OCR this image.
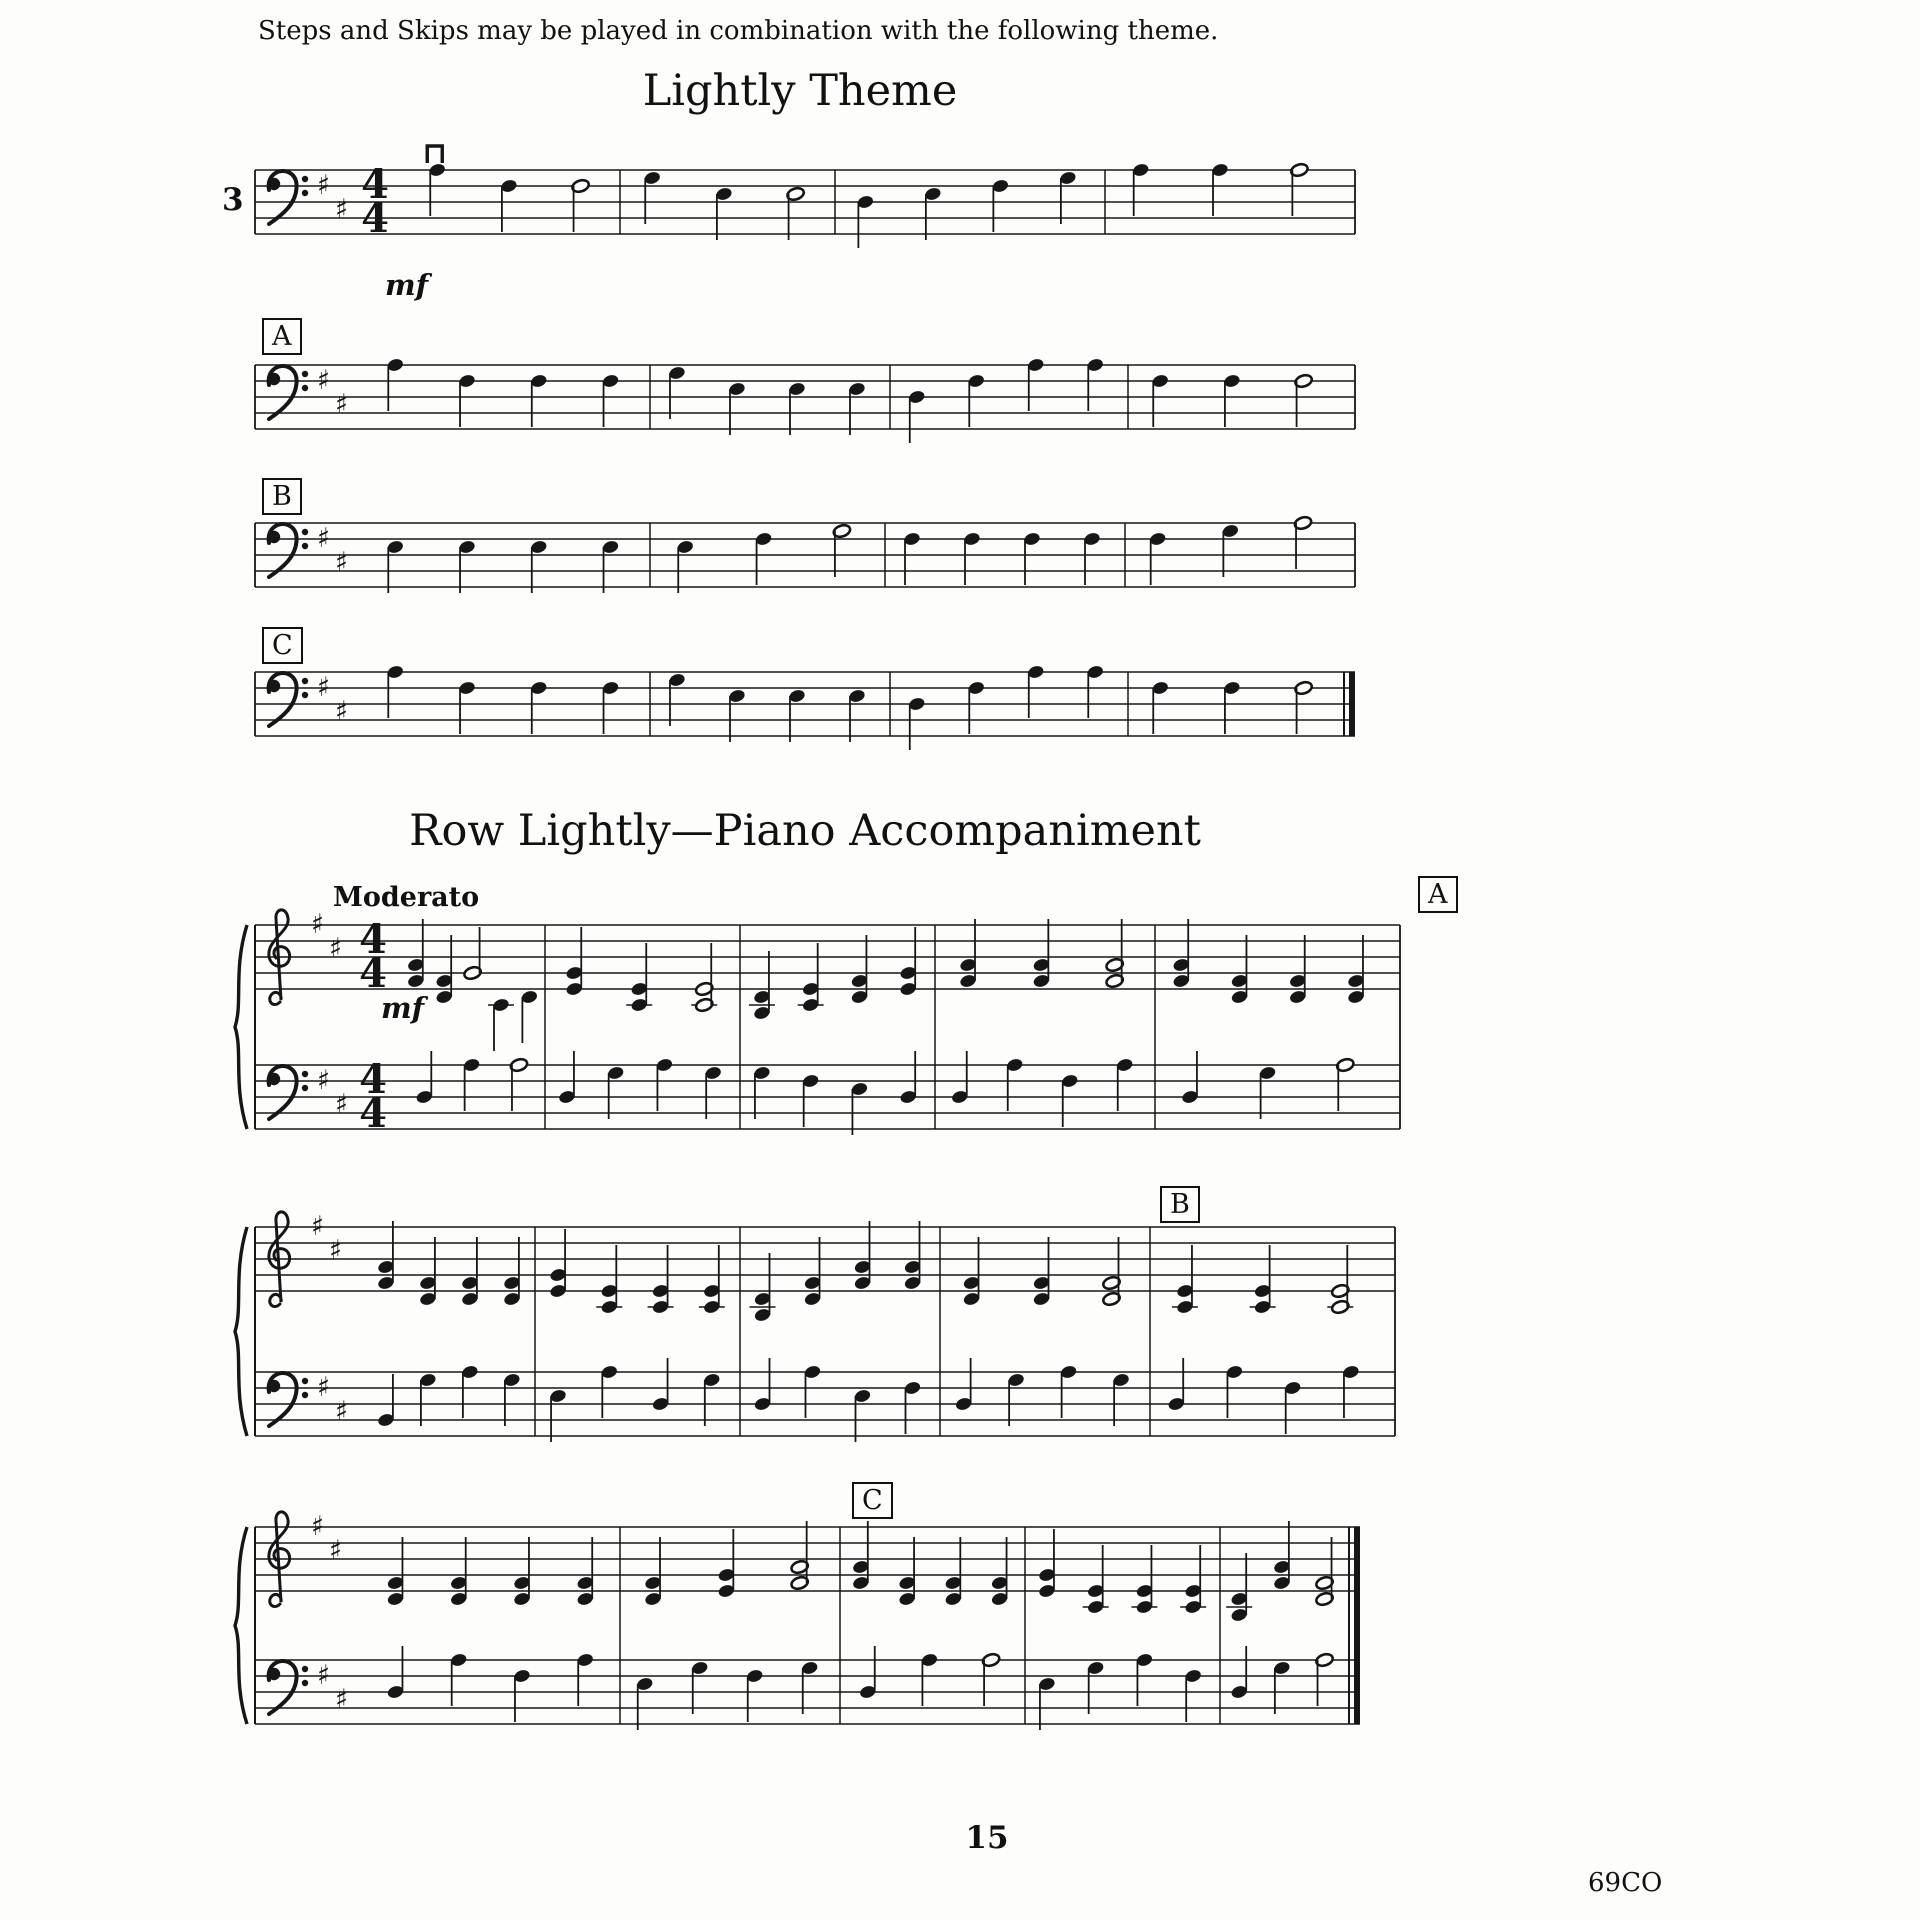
Steps and Skips may be played in combination with the following theme.
Lightly Theme
Row Lightly—Piano Accompaniment
Moderato
♯
♯
4
4
♯
♯
♯
♯
♯
♯
♯
♯
♯
♯
4
4
4
4
♯
♯
♯
♯
♯
♯
♯
♯
15
69CO
3
mf
A
B
C
A
mf
B
C
